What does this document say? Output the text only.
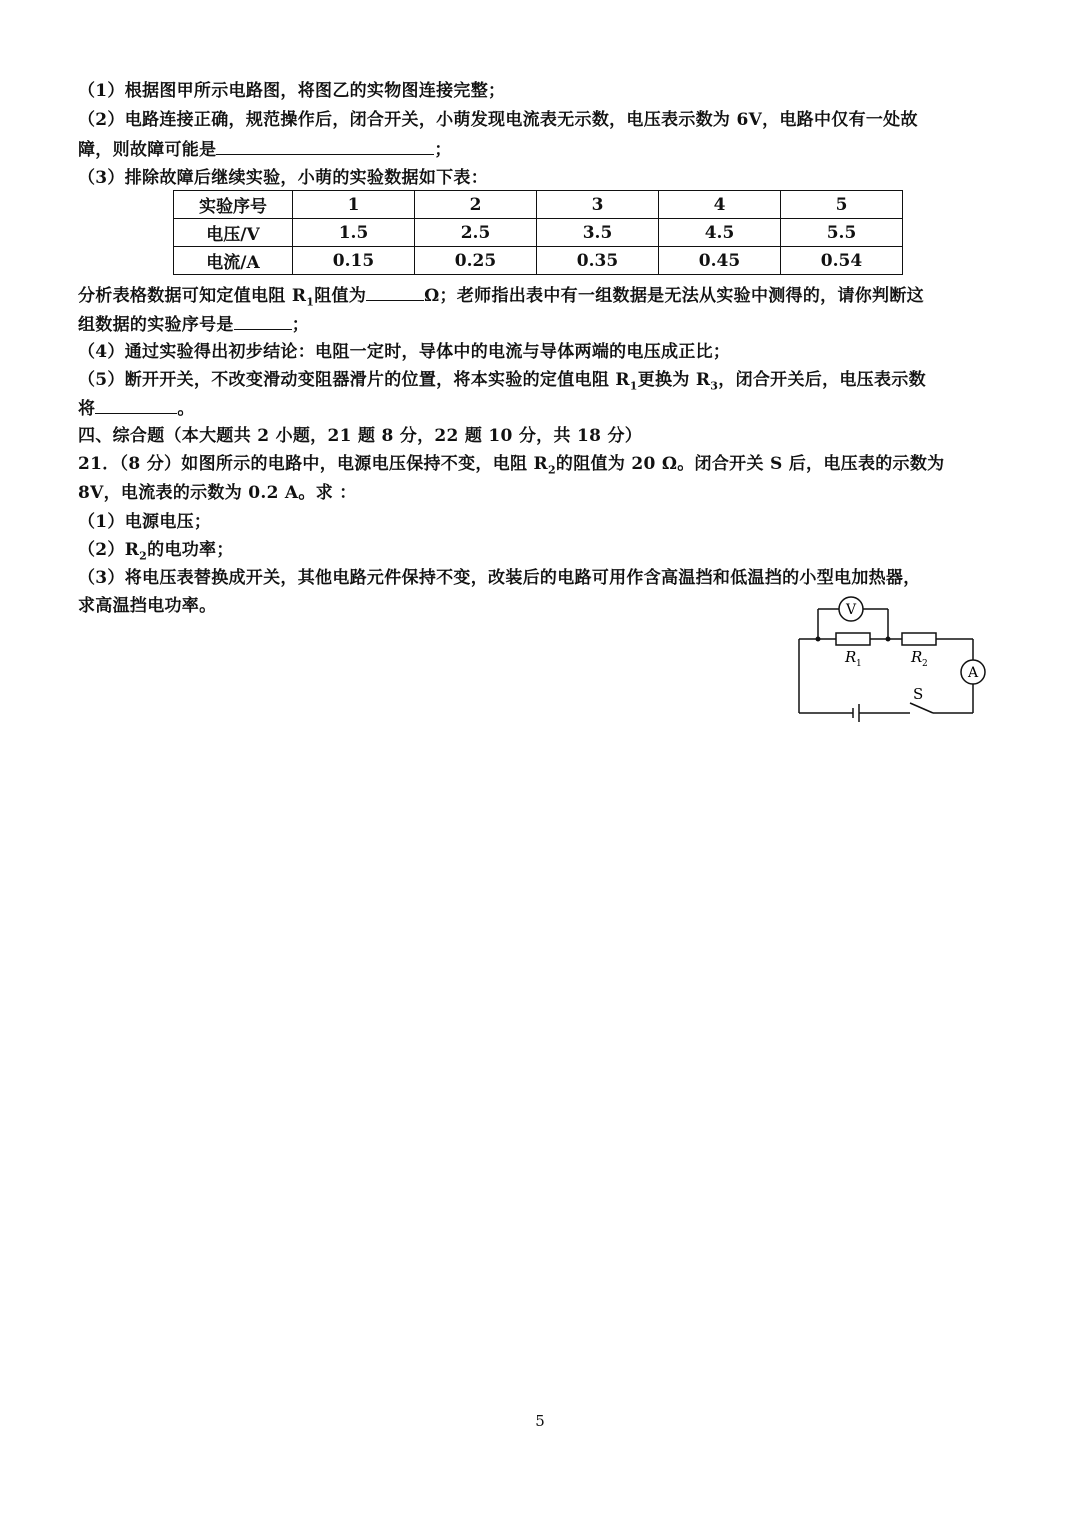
（1）根据图甲所示电路图，将图乙的实物图连接完整；
（2）电路连接正确，规范操作后，闭合开关，小萌发现电流表无示数，电压表示数为 6V，电路中仅有一处故
障，则故障可能是	；
（3）排除故障后继续实验，小萌的实验数据如下表：
实验序号	1	2	3	4	5
电压/V	1.5	2.5	3.5	4.5	5.5
电流/A	0.15	0.25	0.35	0.45	0.54
分析表格数据可知定值电阻 $R_1$阻值为	Ω；老师指出表中有一组数据是无法从实验中测得的，请你判断这
组数据的实验序号是	；
（4）通过实验得出初步结论：电阻一定时，导体中的电流与导体两端的电压成正比；
（5）断开开关，不改变滑动变阻器滑片的位置，将本实验的定值电阻 $R_1$更换为 $R_3$，闭合开关后，电压表示数
将	。
四、综合题（本大题共 2 小题，21 题 8 分，22 题 10 分，共 18 分）
21．（8 分）如图所示的电路中，电源电压保持不变，电阻 $R_2$的阻值为 20 Ω。闭合开关 S 后，电压表的示数为
8V，电流表的示数为 0.2 A。求 ：
（1）电源电压；
$(2)R_2$的电功率；
（3）将电压表替换成开关，其他电路元件保持不变，改装后的电路可用作含高温挡和低温挡的小型电加热器，
求高温挡电功率。	V
A
R 1	R 2
S
5
